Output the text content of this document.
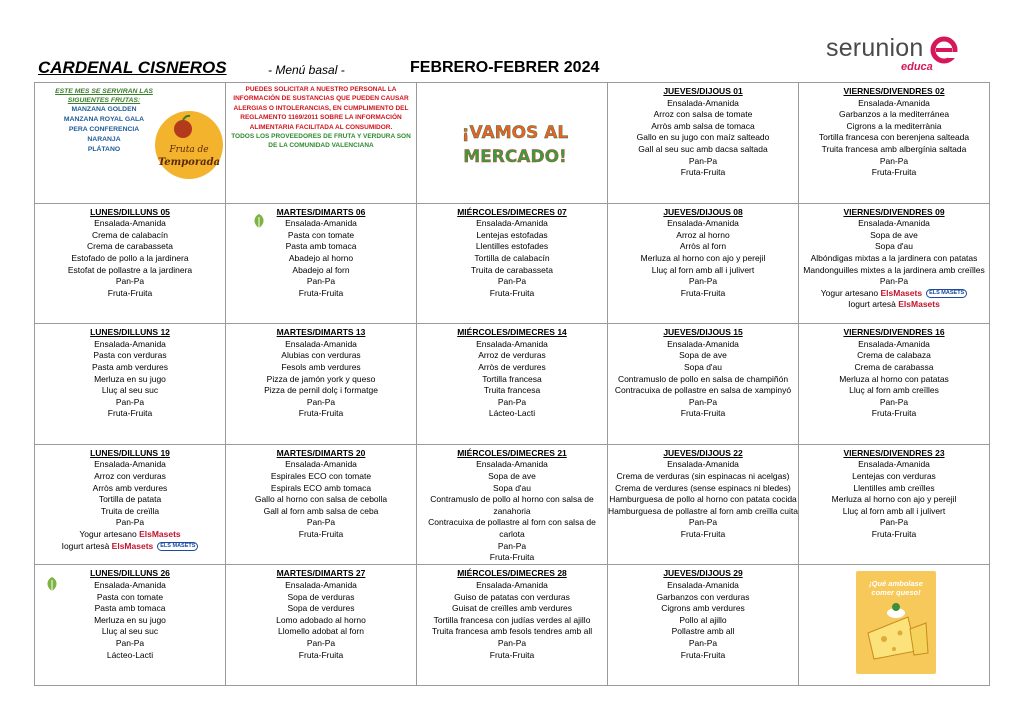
CARDENAL CISNEROS	- Menú basal -	FEBRERO-FEBRER 2024
serunion
educa
ESTE MES SE SERVIRAN LAS
SIGUIENTES FRUTAS:
MANZANA GOLDEN
MANZANA ROYAL GALA
PERA CONFERENCIA
NARANJA
PLÁTANO	Fruta de
Temporada
PUEDES SOLICITAR A NUESTRO PERSONAL LA INFORMACIÓN DE SUSTANCIAS QUE PUEDEN CAUSAR ALERGIAS O INTOLERANCIAS, EN CUMPLIMIENTO DEL REGLAMENTO 1169/2011 SOBRE LA INFORMACIÓN ALIMENTARIA FACILITADA AL CONSUMIDOR.
TODOS LOS PROVEEDORES DE FRUTA Y VERDURA SON DE LA COMUNIDAD VALENCIANA
¡VAMOS AL
MERCADO!
JUEVES/DIJOUS 01
Ensalada-Amanida
Arroz con salsa de tomate
Arròs amb salsa de tomaca
Gallo en su jugo con maíz salteado
Gall al seu suc amb dacsa saltada
Pan-Pa
Fruta-Fruita
VIERNES/DIVENDRES 02
Ensalada-Amanida
Garbanzos a la mediterránea
Cigrons a la mediterrània
Tortilla francesa con berenjena salteada
Truita francesa amb albergínia saltada
Pan-Pa
Fruta-Fruita
LUNES/DILLUNS 05
Ensalada-Amanida
Crema de calabacín
Crema de carabasseta
Estofado de pollo a la jardinera
Estofat de pollastre a la jardinera
Pan-Pa
Fruta-Fruita
MARTES/DIMARTS 06
Ensalada-Amanida
Pasta con tomate
Pasta amb tomaca
Abadejo al horno
Abadejo al forn
Pan-Pa
Fruta-Fruita
MIÉRCOLES/DIMECRES 07
Ensalada-Amanida
Lentejas estofadas
Llentilles estofades
Tortilla de calabacín
Truita de carabasseta
Pan-Pa
Fruta-Fruita
JUEVES/DIJOUS 08
Ensalada-Amanida
Arroz al horno
Arròs al forn
Merluza al horno con ajo y perejil
Lluç al forn amb all i julivert
Pan-Pa
Fruta-Fruita
VIERNES/DIVENDRES 09
Ensalada-Amanida
Sopa de ave
Sopa d'au
Albóndigas mixtas a la jardinera con patatas
Mandonguilles mixtes a la jardinera amb creïlles
Pan-Pa
Yogur artesano ElsMasets ELS MASETS
Iogurt artesà ElsMasets
LUNES/DILLUNS 12
Ensalada-Amanida
Pasta con verduras
Pasta amb verdures
Merluza en su jugo
Lluç al seu suc
Pan-Pa
Fruta-Fruita
MARTES/DIMARTS 13
Ensalada-Amanida
Alubias con verduras
Fesols amb verdures
Pizza de jamón york y queso
Pizza de pernil dolç i formatge
Pan-Pa
Fruta-Fruita
MIÉRCOLES/DIMECRES 14
Ensalada-Amanida
Arroz de verduras
Arròs de verdures
Tortilla francesa
Truita francesa
Pan-Pa
Lácteo-Lacti
JUEVES/DIJOUS 15
Ensalada-Amanida
Sopa de ave
Sopa d'au
Contramuslo de pollo en salsa de champiñón
Contracuixa de pollastre en salsa de xampinyó
Pan-Pa
Fruta-Fruita
VIERNES/DIVENDRES 16
Ensalada-Amanida
Crema de calabaza
Crema de carabassa
Merluza al horno con patatas
Lluç al forn amb creïlles
Pan-Pa
Fruta-Fruita
LUNES/DILLUNS 19
Ensalada-Amanida
Arroz con verduras
Arròs amb verdures
Tortilla de patata
Truita de creïlla
Pan-Pa
Yogur artesano ElsMasets
Iogurt artesà ElsMasets ELS MASETS
MARTES/DIMARTS 20
Ensalada-Amanida
Espirales ECO con tomate
Espirals ECO amb tomaca
Gallo al horno con salsa de cebolla
Gall al forn amb salsa de ceba
Pan-Pa
Fruta-Fruita
MIÉRCOLES/DIMECRES 21
Ensalada-Amanida
Sopa de ave
Sopa d'au
Contramuslo de pollo al horno con salsa de zanahoria
Contracuixa de pollastre al forn con salsa de carlota
Pan-Pa
Fruta-Fruita
JUEVES/DIJOUS 22
Ensalada-Amanida
Crema de verduras (sin espinacas ni acelgas)
Crema de verdures (sense espinacs ni bledes)
Hamburguesa de pollo al horno con patata cocida
Hamburguesa de pollastre al forn amb creïlla cuita
Pan-Pa
Fruta-Fruita
VIERNES/DIVENDRES 23
Ensalada-Amanida
Lentejas con verduras
Llentilles amb creïlles
Merluza al horno con ajo y perejil
Lluç al forn amb all i julivert
Pan-Pa
Fruta-Fruita
LUNES/DILLUNS 26
Ensalada-Amanida
Pasta con tomate
Pasta amb tomaca
Merluza en su jugo
Lluç al seu suc
Pan-Pa
Lácteo-Lacti
MARTES/DIMARTS 27
Ensalada-Amanida
Sopa de verduras
Sopa de verdures
Lomo adobado al horno
Llomello adobat al forn
Pan-Pa
Fruta-Fruita
MIÉRCOLES/DIMECRES 28
Ensalada-Amanida
Guiso de patatas con verduras
Guisat de creïlles amb verdures
Tortilla francesa con judías verdes al ajillo
Truita francesa amb fesols tendres amb all
Pan-Pa
Fruta-Fruita
JUEVES/DIJOUS 29
Ensalada-Amanida
Garbanzos con verduras
Cigrons amb verdures
Pollo al ajillo
Pollastre amb all
Pan-Pa
Fruta-Fruita
¡Qué ambolase
comer queso!
